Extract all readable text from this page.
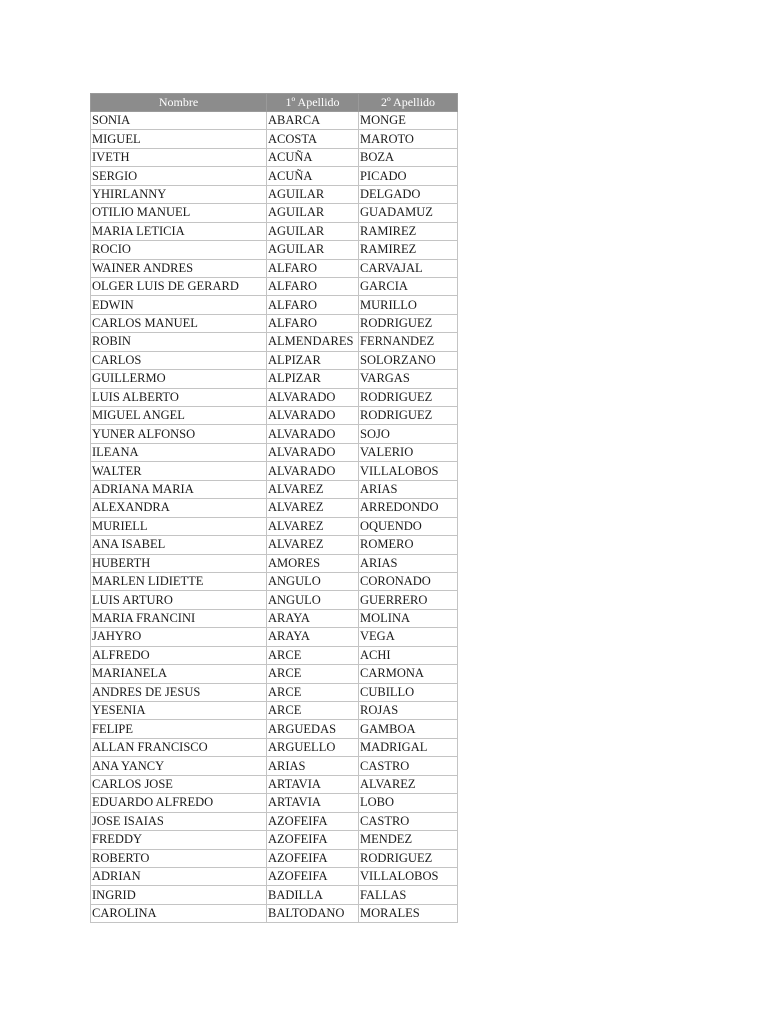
Nombre	1º Apellido	2º Apellido
SONIA	ABARCA	MONGE
MIGUEL	ACOSTA	MAROTO
IVETH	ACUÑA	BOZA
SERGIO	ACUÑA	PICADO
YHIRLANNY	AGUILAR	DELGADO
OTILIO MANUEL	AGUILAR	GUADAMUZ
MARIA LETICIA	AGUILAR	RAMIREZ
ROCIO	AGUILAR	RAMIREZ
WAINER ANDRES	ALFARO	CARVAJAL
OLGER LUIS DE GERARD	ALFARO	GARCIA
EDWIN	ALFARO	MURILLO
CARLOS MANUEL	ALFARO	RODRIGUEZ
ROBIN	ALMENDARES	FERNANDEZ
CARLOS	ALPIZAR	SOLORZANO
GUILLERMO	ALPIZAR	VARGAS
LUIS ALBERTO	ALVARADO	RODRIGUEZ
MIGUEL ANGEL	ALVARADO	RODRIGUEZ
YUNER ALFONSO	ALVARADO	SOJO
ILEANA	ALVARADO	VALERIO
WALTER	ALVARADO	VILLALOBOS
ADRIANA MARIA	ALVAREZ	ARIAS
ALEXANDRA	ALVAREZ	ARREDONDO
MURIELL	ALVAREZ	OQUENDO
ANA ISABEL	ALVAREZ	ROMERO
HUBERTH	AMORES	ARIAS
MARLEN LIDIETTE	ANGULO	CORONADO
LUIS ARTURO	ANGULO	GUERRERO
MARIA FRANCINI	ARAYA	MOLINA
JAHYRO	ARAYA	VEGA
ALFREDO	ARCE	ACHI
MARIANELA	ARCE	CARMONA
ANDRES DE JESUS	ARCE	CUBILLO
YESENIA	ARCE	ROJAS
FELIPE	ARGUEDAS	GAMBOA
ALLAN FRANCISCO	ARGUELLO	MADRIGAL
ANA YANCY	ARIAS	CASTRO
CARLOS JOSE	ARTAVIA	ALVAREZ
EDUARDO ALFREDO	ARTAVIA	LOBO
JOSE ISAIAS	AZOFEIFA	CASTRO
FREDDY	AZOFEIFA	MENDEZ
ROBERTO	AZOFEIFA	RODRIGUEZ
ADRIAN	AZOFEIFA	VILLALOBOS
INGRID	BADILLA	FALLAS
CAROLINA	BALTODANO	MORALES
